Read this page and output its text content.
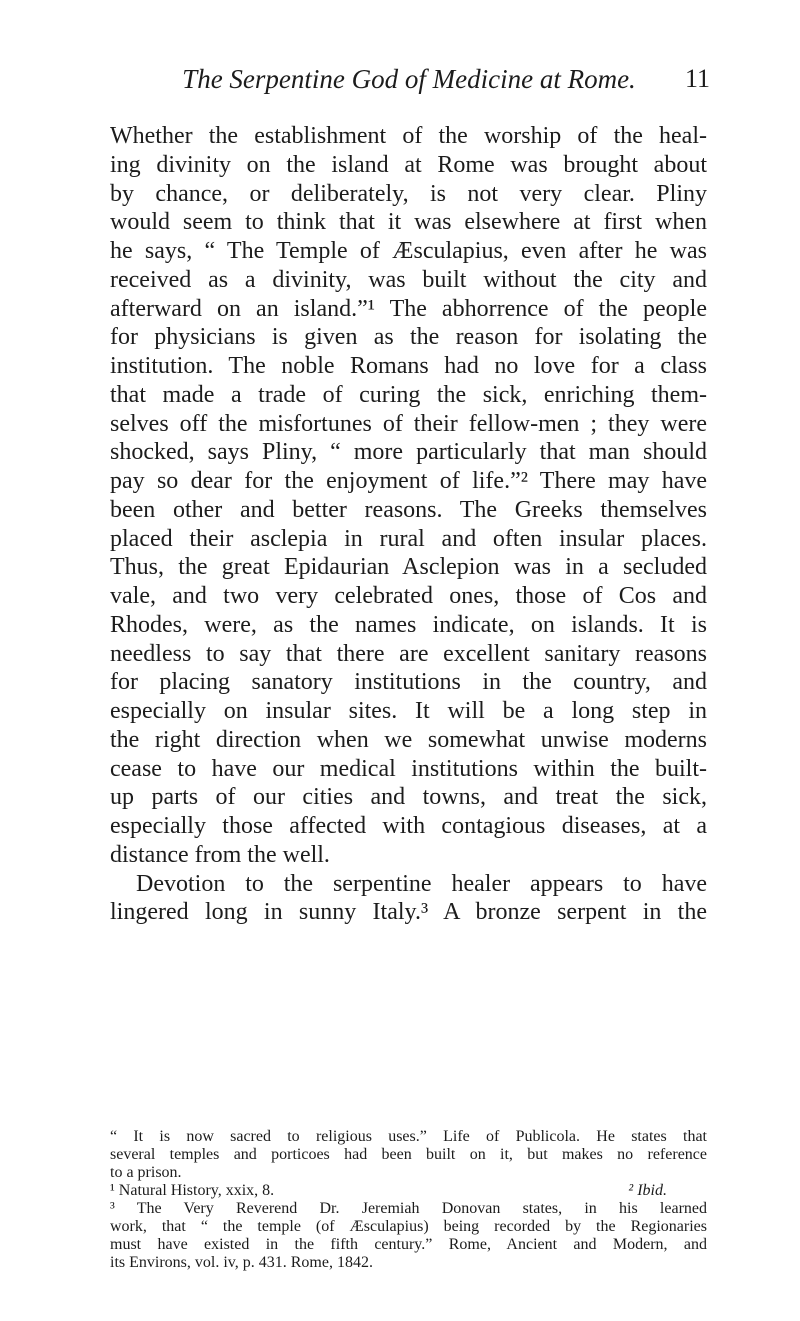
The Serpentine God of Medicine at Rome. 11
Whether the establishment of the worship of the heal-
ing divinity on the island at Rome was brought about
by chance, or deliberately, is not very clear. Pliny
would seem to think that it was elsewhere at first when
he says, “ The Temple of Æsculapius, even after he was
received as a divinity, was built without the city and
afterward on an island.”¹ The abhorrence of the people
for physicians is given as the reason for isolating the
institution. The noble Romans had no love for a class
that made a trade of curing the sick, enriching them-
selves off the misfortunes of their fellow-men ; they were
shocked, says Pliny, “ more particularly that man should
pay so dear for the enjoyment of life.”² There may have
been other and better reasons. The Greeks themselves
placed their asclepia in rural and often insular places.
Thus, the great Epidaurian Asclepion was in a secluded
vale, and two very celebrated ones, those of Cos and
Rhodes, were, as the names indicate, on islands. It is
needless to say that there are excellent sanitary reasons
for placing sanatory institutions in the country, and
especially on insular sites. It will be a long step in
the right direction when we somewhat unwise moderns
cease to have our medical institutions within the built-
up parts of our cities and towns, and treat the sick,
especially those affected with contagious diseases, at a
distance from the well.
Devotion to the serpentine healer appears to have
lingered long in sunny Italy.³ A bronze serpent in the
“ It is now sacred to religious uses.” Life of Publicola. He states that
several temples and porticoes had been built on it, but makes no reference
to a prison.
¹ Natural History, xxix, 8.	² Ibid.
³ The Very Reverend Dr. Jeremiah Donovan states, in his learned
work, that “ the temple (of Æsculapius) being recorded by the Regionaries
must have existed in the fifth century.” Rome, Ancient and Modern, and
its Environs, vol. iv, p. 431. Rome, 1842.
